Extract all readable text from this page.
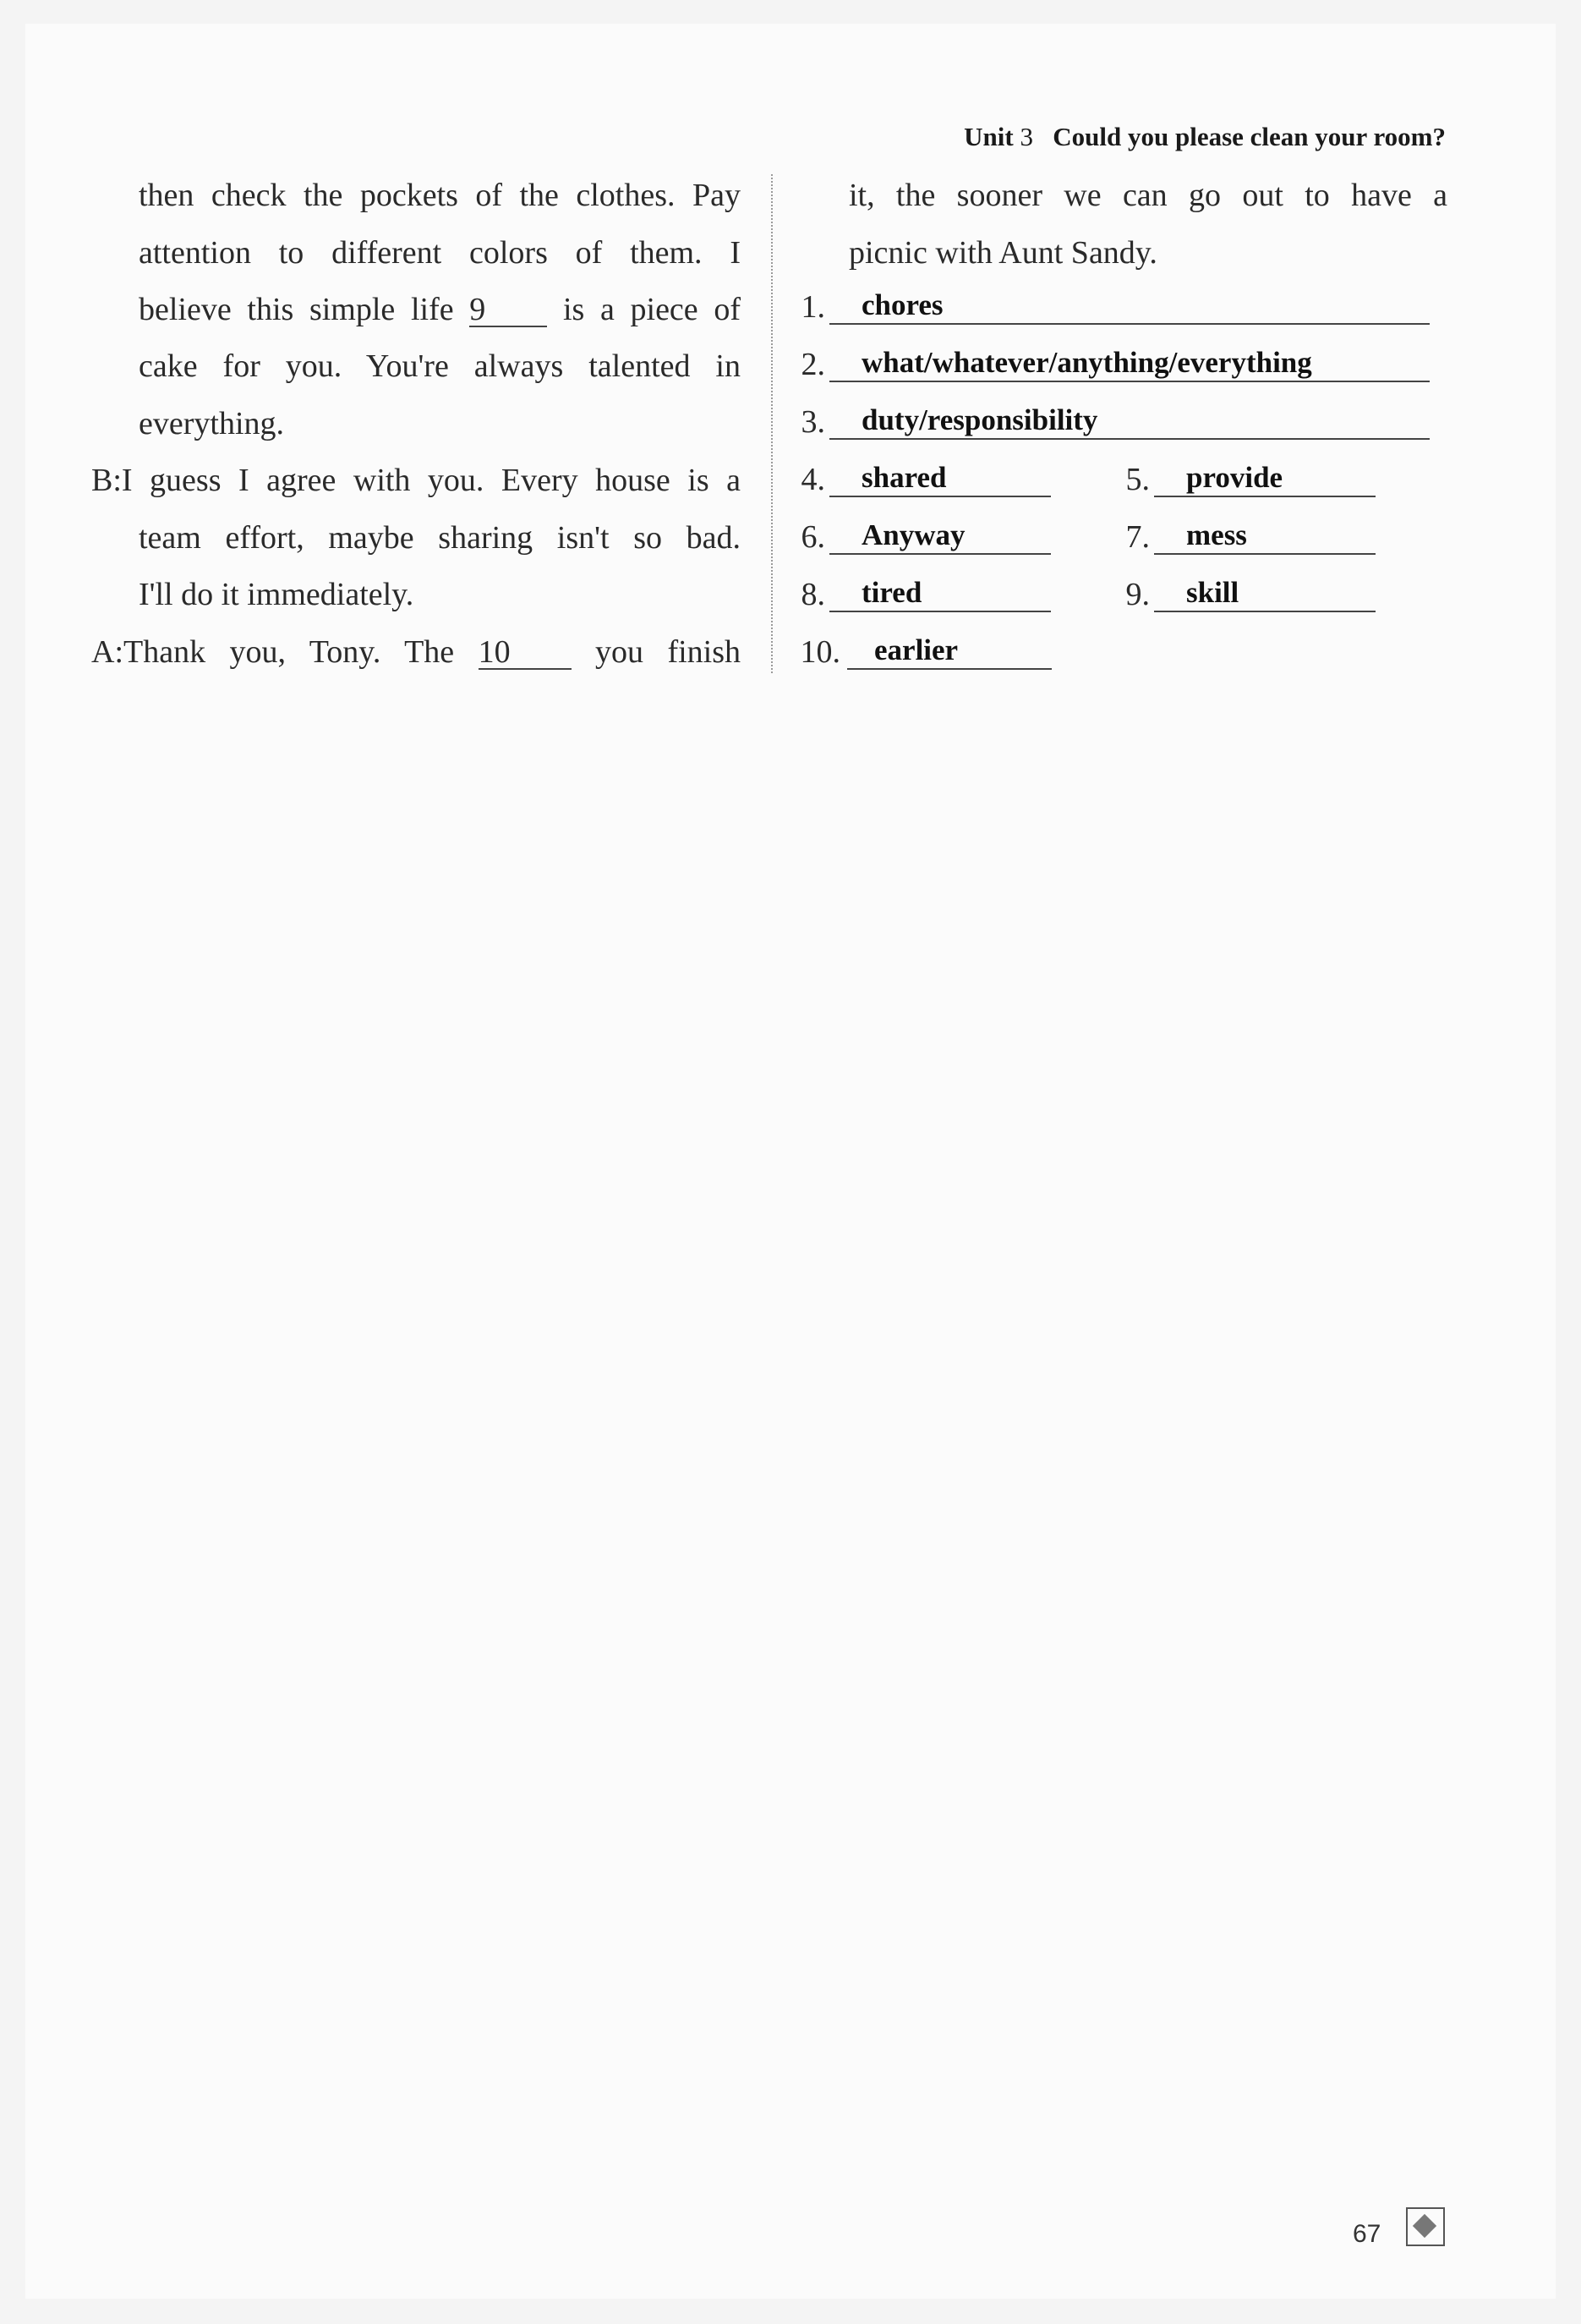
Unit 3 Could you please clean your room?
then check the pockets of the clothes. Pay
attention to different colors of them. I
believe this simple life 9 is a piece of
cake for you. You're always talented in
everything.
B:I guess I agree with you. Every house is a
team effort, maybe sharing isn't so bad.
I'll do it immediately.
A:Thank you, Tony. The 10	you finish
it, the sooner we can go out to have a
picnic with Aunt Sandy.
1. chores
2. what/whatever/anything/everything
3. duty/responsibility
4. shared	5. provide
6. Anyway	7. mess
8. tired	9. skill
10. earlier
67
